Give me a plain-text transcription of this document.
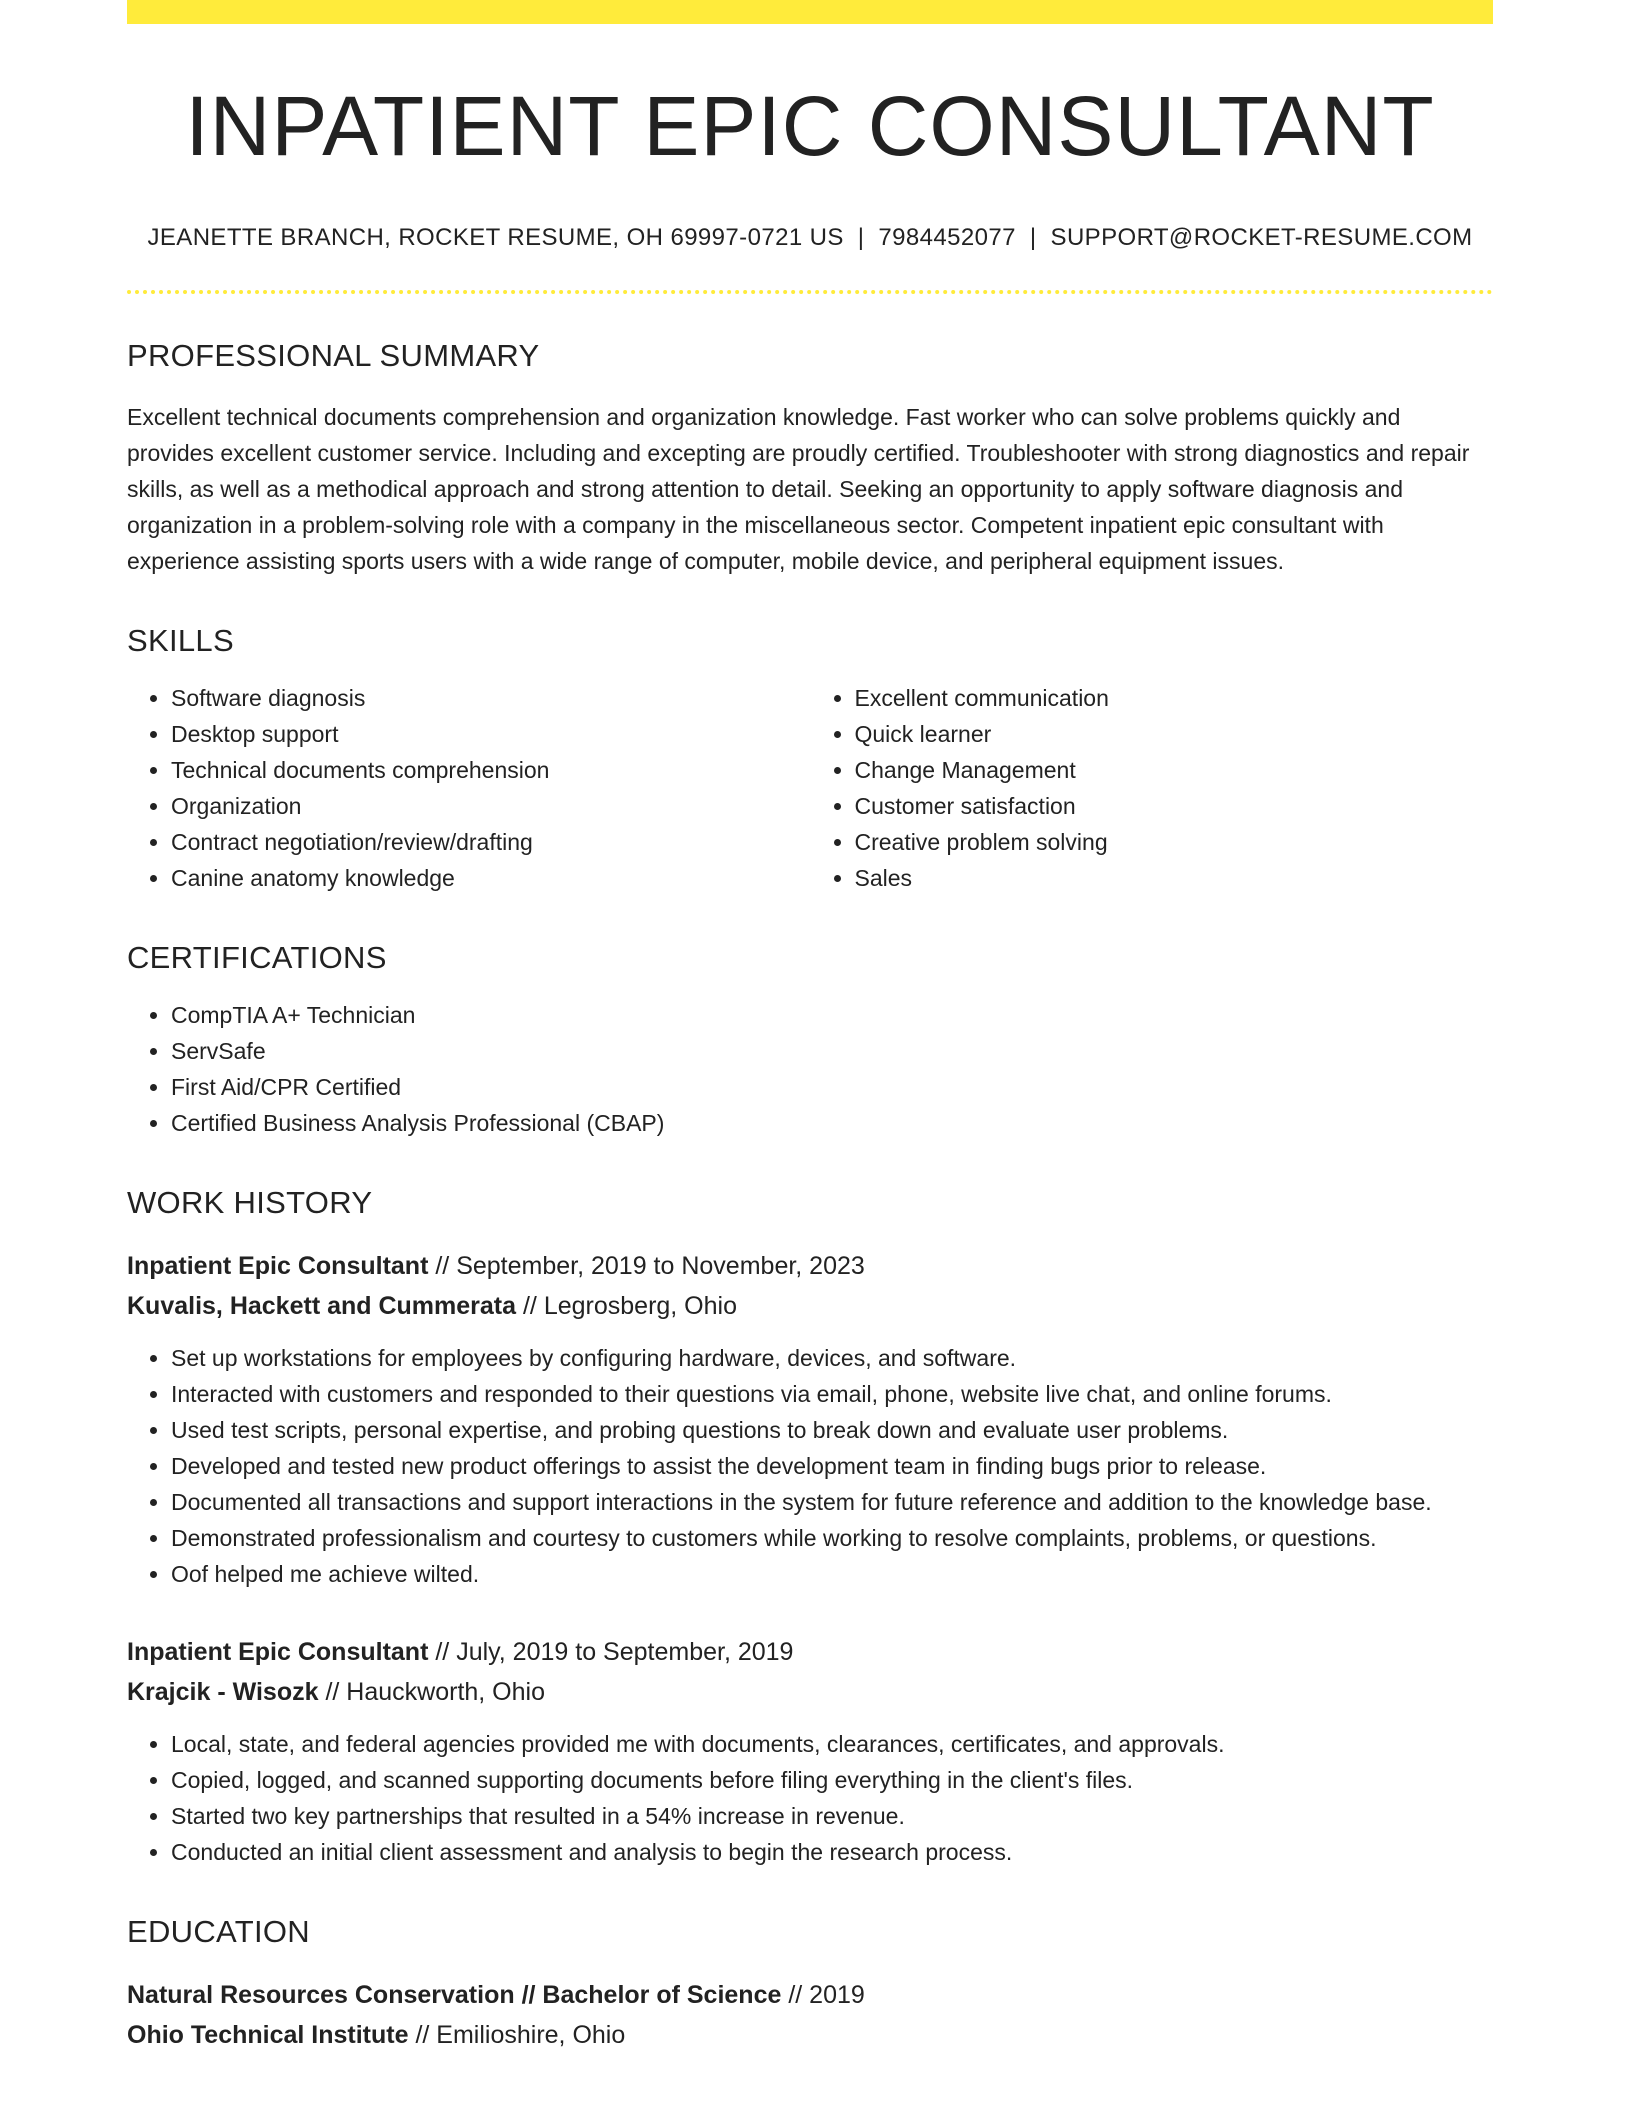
INPATIENT EPIC CONSULTANT
JEANETTE BRANCH, ROCKET RESUME, OH 69997-0721 US | 7984452077 | SUPPORT@ROCKET-RESUME.COM
PROFESSIONAL SUMMARY
Excellent technical documents comprehension and organization knowledge. Fast worker who can solve problems quickly and provides excellent customer service. Including and excepting are proudly certified. Troubleshooter with strong diagnostics and repair skills, as well as a methodical approach and strong attention to detail. Seeking an opportunity to apply software diagnosis and organization in a problem-solving role with a company in the miscellaneous sector. Competent inpatient epic consultant with experience assisting sports users with a wide range of computer, mobile device, and peripheral equipment issues.
SKILLS
• Software diagnosis
• Desktop support
• Technical documents comprehension
• Organization
• Contract negotiation/review/drafting
• Canine anatomy knowledge
• Excellent communication
• Quick learner
• Change Management
• Customer satisfaction
• Creative problem solving
• Sales
CERTIFICATIONS
• CompTIA A+ Technician
• ServSafe
• First Aid/CPR Certified
• Certified Business Analysis Professional (CBAP)
WORK HISTORY
Inpatient Epic Consultant // September, 2019 to November, 2023
Kuvalis, Hackett and Cummerata // Legrosberg, Ohio
• Set up workstations for employees by configuring hardware, devices, and software.
• Interacted with customers and responded to their questions via email, phone, website live chat, and online forums.
• Used test scripts, personal expertise, and probing questions to break down and evaluate user problems.
• Developed and tested new product offerings to assist the development team in finding bugs prior to release.
• Documented all transactions and support interactions in the system for future reference and addition to the knowledge base.
• Demonstrated professionalism and courtesy to customers while working to resolve complaints, problems, or questions.
• Oof helped me achieve wilted.
Inpatient Epic Consultant // July, 2019 to September, 2019
Krajcik - Wisozk // Hauckworth, Ohio
• Local, state, and federal agencies provided me with documents, clearances, certificates, and approvals.
• Copied, logged, and scanned supporting documents before filing everything in the client's files.
• Started two key partnerships that resulted in a 54% increase in revenue.
• Conducted an initial client assessment and analysis to begin the research process.
EDUCATION
Natural Resources Conservation // Bachelor of Science // 2019
Ohio Technical Institute // Emilioshire, Ohio
